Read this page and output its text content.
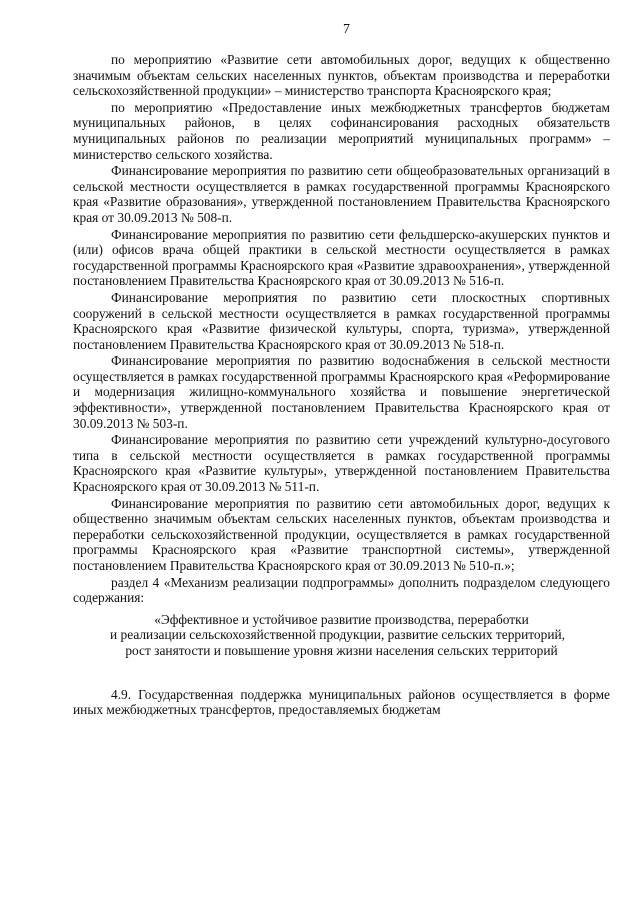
7

по мероприятию «Развитие сети автомобильных дорог, ведущих к общественно значимым объектам сельских населенных пунктов, объектам производства и переработки сельскохозяйственной продукции» – министерство транспорта Красноярского края;

по мероприятию «Предоставление иных межбюджетных трансфертов бюджетам муниципальных районов, в целях софинансирования расходных обязательств муниципальных районов по реализации мероприятий муниципальных программ» – министерство сельского хозяйства.

Финансирование мероприятия по развитию сети общеобразовательных организаций в сельской местности осуществляется в рамках государственной программы Красноярского края «Развитие образования», утвержденной постановлением Правительства Красноярского края от 30.09.2013 № 508-п.

Финансирование мероприятия по развитию сети фельдшерско-акушерских пунктов и (или) офисов врача общей практики в сельской местности осуществляется в рамках государственной программы Красноярского края «Развитие здравоохранения», утвержденной постановлением Правительства Красноярского края от 30.09.2013 № 516-п.

Финансирование мероприятия по развитию сети плоскостных спортивных сооружений в сельской местности осуществляется в рамках государственной программы Красноярского края «Развитие физической культуры, спорта, туризма», утвержденной постановлением Правительства Красноярского края от 30.09.2013 № 518-п.

Финансирование мероприятия по развитию водоснабжения в сельской местности осуществляется в рамках государственной программы Красноярского края «Реформирование и модернизация жилищно-коммунального хозяйства и повышение энергетической эффективности», утвержденной постановлением Правительства Красноярского края от 30.09.2013 № 503-п.

Финансирование мероприятия по развитию сети учреждений культурно-досугового типа в сельской местности осуществляется в рамках государственной программы Красноярского края «Развитие культуры», утвержденной постановлением Правительства Красноярского края от 30.09.2013 № 511-п.

Финансирование мероприятия по развитию сети автомобильных дорог, ведущих к общественно значимым объектам сельских населенных пунктов, объектам производства и переработки сельскохозяйственной продукции, осуществляется в рамках государственной программы Красноярского края «Развитие транспортной системы», утвержденной постановлением Правительства Красноярского края от 30.09.2013 № 510-п.»;

раздел 4 «Механизм реализации подпрограммы» дополнить подразделом следующего содержания:

«Эффективное и устойчивое развитие производства, переработки

и реализации сельскохозяйственной продукции, развитие сельских территорий,

рост занятости и повышение уровня жизни населения сельских территорий

4.9. Государственная поддержка муниципальных районов осуществляется в форме иных межбюджетных трансфертов, предоставляемых бюджетам
